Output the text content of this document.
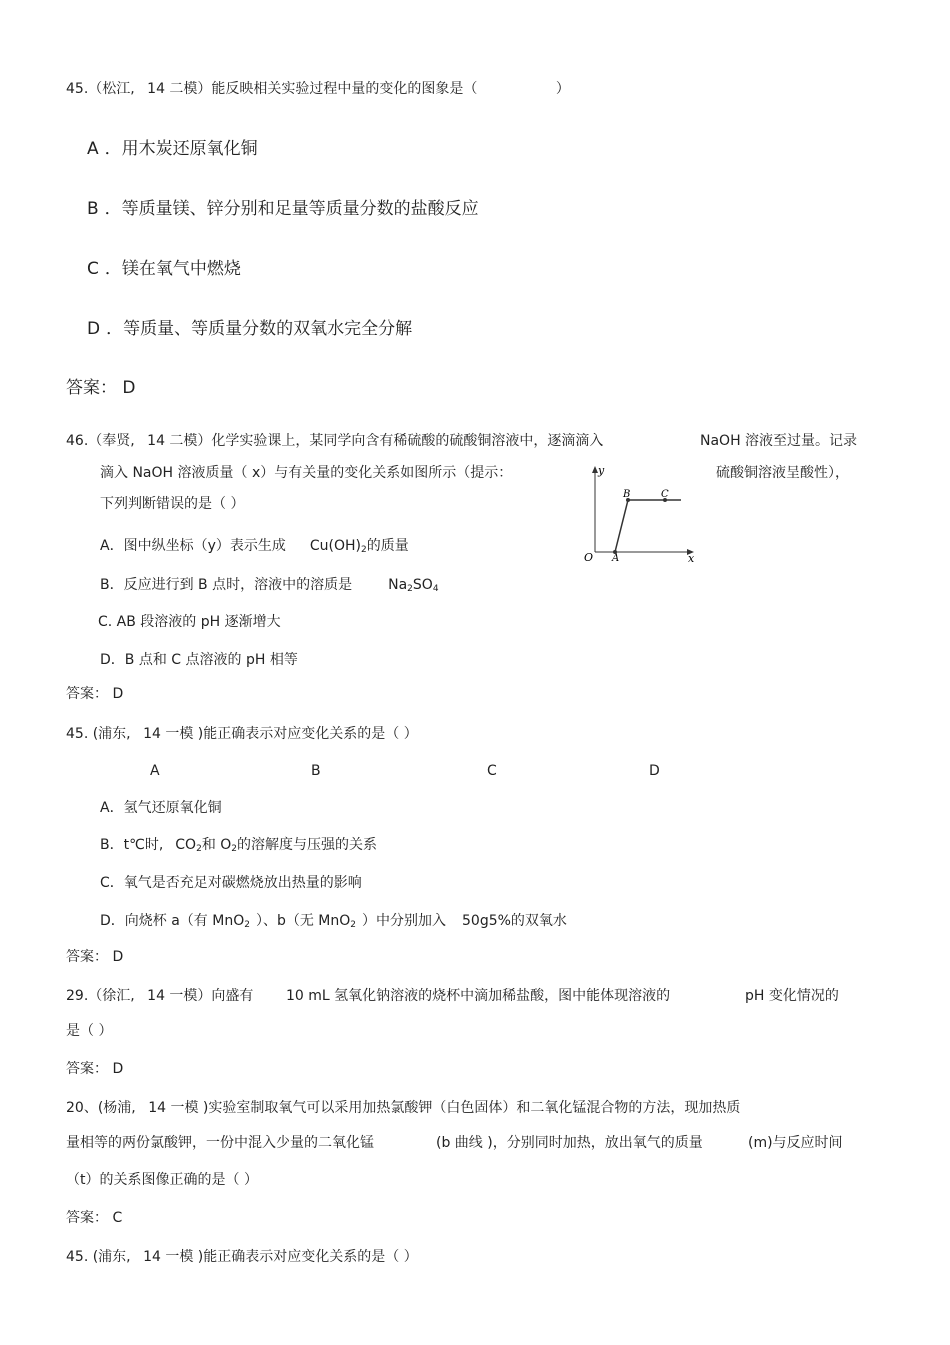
45.（松江, 14 二模）能反映相关实验过程中量的变化的图象是（	）
A ．用木炭还原氧化铜
B ．等质量镁、锌分别和足量等质量分数的盐酸反应
C ．镁在氧气中燃烧
D ．等质量、等质量分数的双氧水完全分解
答案： D
46.（奉贤, 14 二模）化学实验课上，某同学向含有稀硫酸的硫酸铜溶液中，逐滴滴入	NaOH 溶液至过量。记录
滴入 NaOH 溶液质量（ x）与有关量的变化关系如图所示（提示：	硫酸铜溶液呈酸性），
下列判断错误的是（ ）
y
x
O A
B	C
A．图中纵坐标（y）表示生成 $Cu(OH)_2$的质量
B．反应进行到 B 点时，溶液中的溶质是	$Na_2SO_4$
C. AB 段溶液的 pH 逐渐增大
D．B 点和 C 点溶液的 pH 相等
答案： D
45. (浦东, 14 一模 )能正确表示对应变化关系的是（ ）
A	B	C	D
A．氢气还原氧化铜
B．t℃时, $CO_2$和 $O_2$的溶解度与压强的关系
C．氧气是否充足对碳燃烧放出热量的影响
D．向烧杯 a（有 MnO$_2$ ）、b（无 MnO$_2$ ）中分别加入 50g5%的双氧水
答案： D
29.（徐汇, 14 一模）向盛有 10 mL 氢氧化钠溶液的烧杯中滴加稀盐酸，图中能体现溶液的	pH 变化情况的
是（ ）
答案： D
20、(杨浦, 14 一模 )实验室制取氧气可以采用加热氯酸钾（白色固体）和二氧化锰混合物的方法，现加热质
量相等的两份氯酸钾，一份中混入少量的二氧化锰	(b 曲线 )，分别同时加热，放出氧气的质量	(m)与反应时间
（t）的关系图像正确的是（ ）
答案： C
45. (浦东, 14 一模 )能正确表示对应变化关系的是（ ）
